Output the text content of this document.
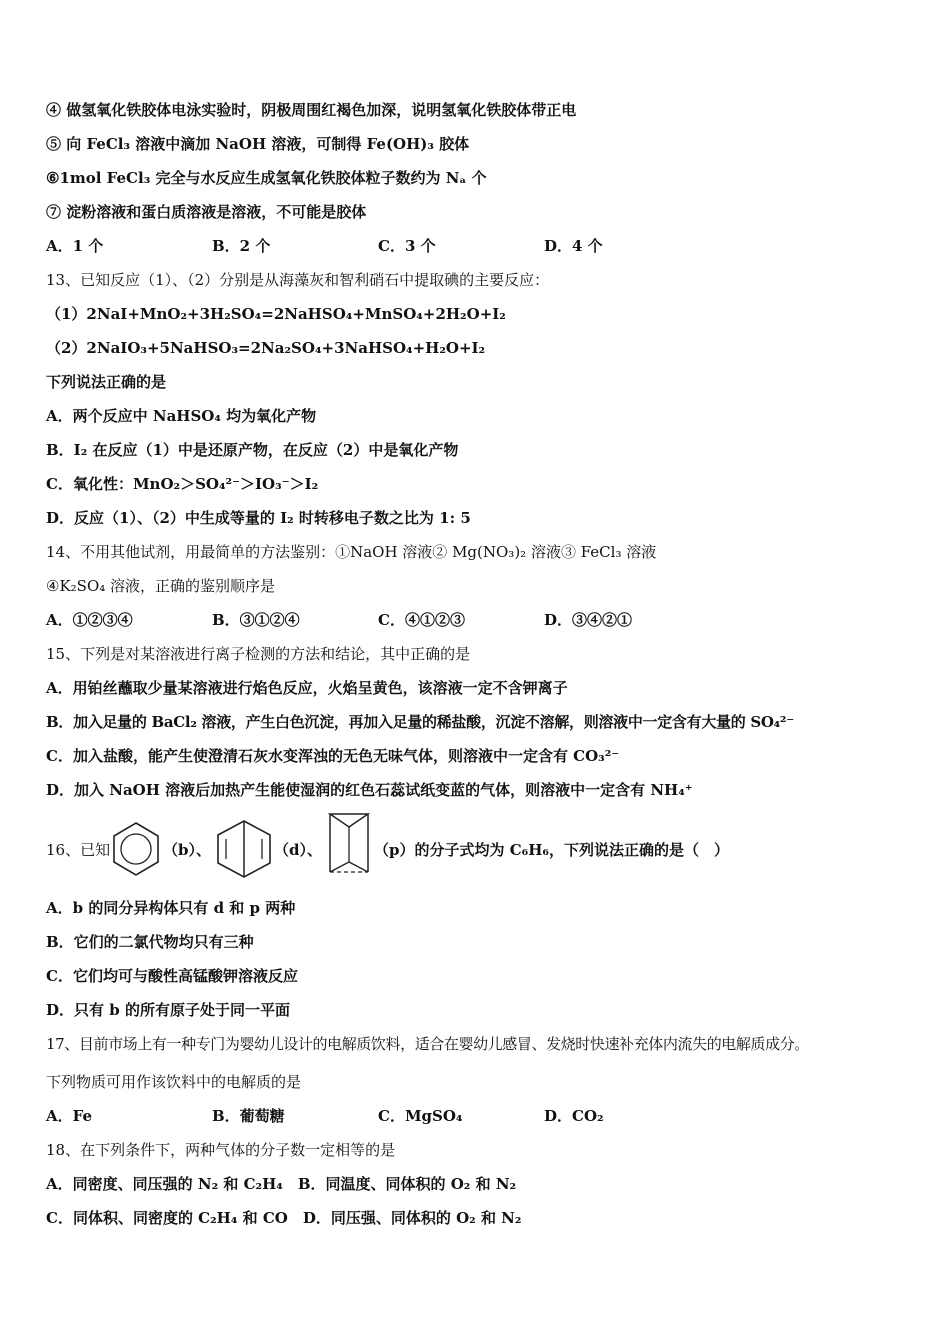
④ 做氢氧化铁胶体电泳实验时，阴极周围红褐色加深，说明氢氧化铁胶体带正电
⑤ 向 FeCl₃ 溶液中滴加 NaOH 溶液，可制得 Fe(OH)₃ 胶体
⑥1mol FeCl₃ 完全与水反应生成氢氧化铁胶体粒子数约为 Nₐ 个
⑦ 淀粉溶液和蛋白质溶液是溶液，不可能是胶体
A．1 个	B．2 个	C．3 个	D．4 个
13、已知反应（1）、（2）分别是从海藻灰和智利硝石中提取碘的主要反应：
（1）2NaI+MnO₂+3H₂SO₄=2NaHSO₄+MnSO₄+2H₂O+I₂
（2）2NaIO₃+5NaHSO₃=2Na₂SO₄+3NaHSO₄+H₂O+I₂
下列说法正确的是
A．两个反应中 NaHSO₄ 均为氧化产物
B．I₂ 在反应（1）中是还原产物，在反应（2）中是氧化产物
C．氧化性：MnO₂＞SO₄²⁻＞IO₃⁻＞I₂
D．反应（1）、（2）中生成等量的 I₂ 时转移电子数之比为 1: 5
14、不用其他试剂，用最简单的方法鉴别：①NaOH 溶液② Mg(NO₃)₂ 溶液③ FeCl₃ 溶液
④K₂SO₄ 溶液，正确的鉴别顺序是
A．①②③④	B．③①②④	C．④①②③	D．③④②①
15、下列是对某溶液进行离子检测的方法和结论，其中正确的是
A．用铂丝蘸取少量某溶液进行焰色反应，火焰呈黄色，该溶液一定不含钾离子
B．加入足量的 BaCl₂ 溶液，产生白色沉淀，再加入足量的稀盐酸，沉淀不溶解，则溶液中一定含有大量的 SO₄²⁻
C．加入盐酸，能产生使澄清石灰水变浑浊的无色无味气体，则溶液中一定含有 CO₃²⁻
D．加入 NaOH 溶液后加热产生能使湿润的红色石蕊试纸变蓝的气体，则溶液中一定含有 NH₄⁺
16、已知	（b）、	（d）、	（p）的分子式均为 C₆H₆，下列说法正确的是（　）
A．b 的同分异构体只有 d 和 p 两种
B．它们的二氯代物均只有三种
C．它们均可与酸性高锰酸钾溶液反应
D．只有 b 的所有原子处于同一平面
17、目前市场上有一种专门为婴幼儿设计的电解质饮料，适合在婴幼儿感冒、发烧时快速补充体内流失的电解质成分。
下列物质可用作该饮料中的电解质的是
A．Fe	B．葡萄糖	C．MgSO₄	D．CO₂
18、在下列条件下，两种气体的分子数一定相等的是
A．同密度、同压强的 N₂ 和 C₂H₄　B．同温度、同体积的 O₂ 和 N₂
C．同体积、同密度的 C₂H₄ 和 CO　D．同压强、同体积的 O₂ 和 N₂
